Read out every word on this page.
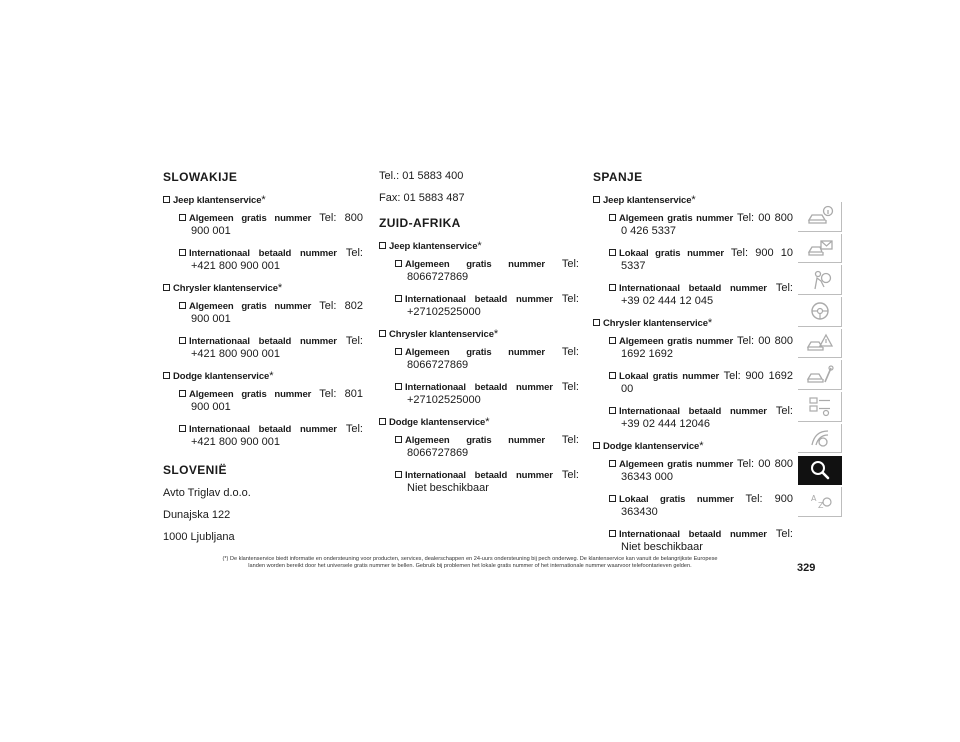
SLOWAKIJE
Jeep klantenservice*
Algemeen gratis nummer Tel: 800 900 001
Internationaal betaald nummer Tel: +421 800 900 001
Chrysler klantenservice*
Algemeen gratis nummer Tel: 802 900 001
Internationaal betaald nummer Tel: +421 800 900 001
Dodge klantenservice*
Algemeen gratis nummer Tel: 801 900 001
Internationaal betaald nummer Tel: +421 800 900 001
SLOVENIË
Avto Triglav d.o.o.
Dunajska 122
1000 Ljubljana
Tel.: 01 5883 400
Fax: 01 5883 487
ZUID-AFRIKA
Jeep klantenservice*
Algemeen gratis nummer Tel: 8066727869
Internationaal betaald nummer Tel: +27102525000
Chrysler klantenservice*
Algemeen gratis nummer Tel: 8066727869
Internationaal betaald nummer Tel: +27102525000
Dodge klantenservice*
Algemeen gratis nummer Tel: 8066727869
Internationaal betaald nummer Tel: Niet beschikbaar
SPANJE
Jeep klantenservice*
Algemeen gratis nummer Tel: 00 800 0 426 5337
Lokaal gratis nummer Tel: 900 10 5337
Internationaal betaald nummer Tel: +39 02 444 12 045
Chrysler klantenservice*
Algemeen gratis nummer Tel: 00 800 1692 1692
Lokaal gratis nummer Tel: 900 1692 00
Internationaal betaald nummer Tel: +39 02 444 12046
Dodge klantenservice*
Algemeen gratis nummer Tel: 00 800 36343 000
Lokaal gratis nummer Tel: 900 363430
Internationaal betaald nummer Tel: Niet beschikbaar
A
Z
(*) De klantenservice biedt informatie en ondersteuning voor producten, services, dealerschappen en 24-uurs ondersteuning bij pech onderweg. De klantenservice kan vanuit de belangrijkste Europese
landen worden bereikt door het universele gratis nummer te bellen. Gebruik bij problemen het lokale gratis nummer of het internationale nummer waarvoor telefoontarieven gelden.	329
